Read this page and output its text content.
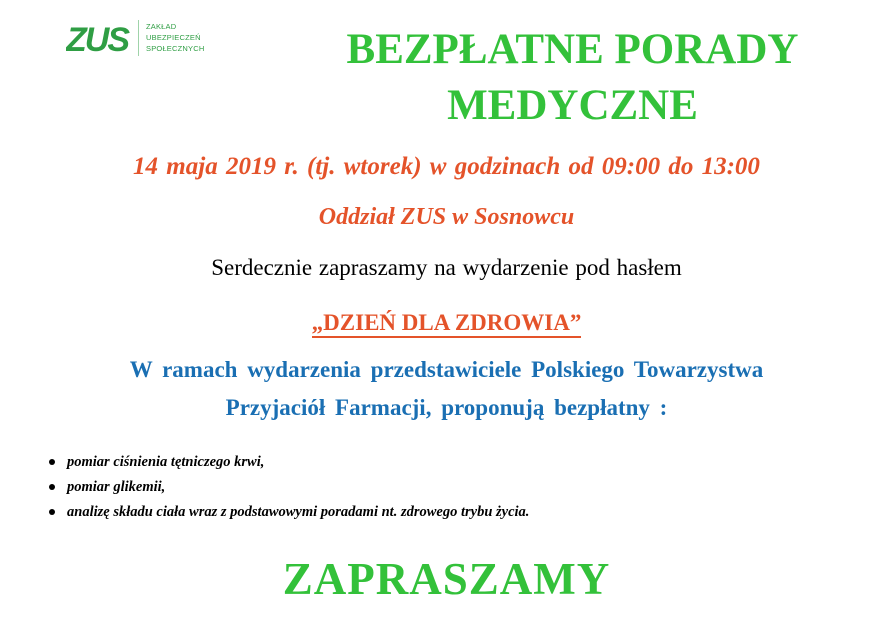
ZUS	ZAKŁAD
UBEZPIECZEŃ
SPOŁECZNYCH	BEZPŁATNE PORADY
MEDYCZNE
14 maja 2019 r. (tj. wtorek) w godzinach od 09:00 do 13:00
Oddział ZUS w Sosnowcu
Serdecznie zapraszamy na wydarzenie pod hasłem
„DZIEŃ DLA ZDROWIA”
W ramach wydarzenia przedstawiciele Polskiego Towarzystwa
Przyjaciół Farmacji, proponują bezpłatny :
pomiar ciśnienia tętniczego krwi,
pomiar glikemii,
analizę składu ciała wraz z podstawowymi poradami nt. zdrowego trybu życia.
ZAPRASZAMY
